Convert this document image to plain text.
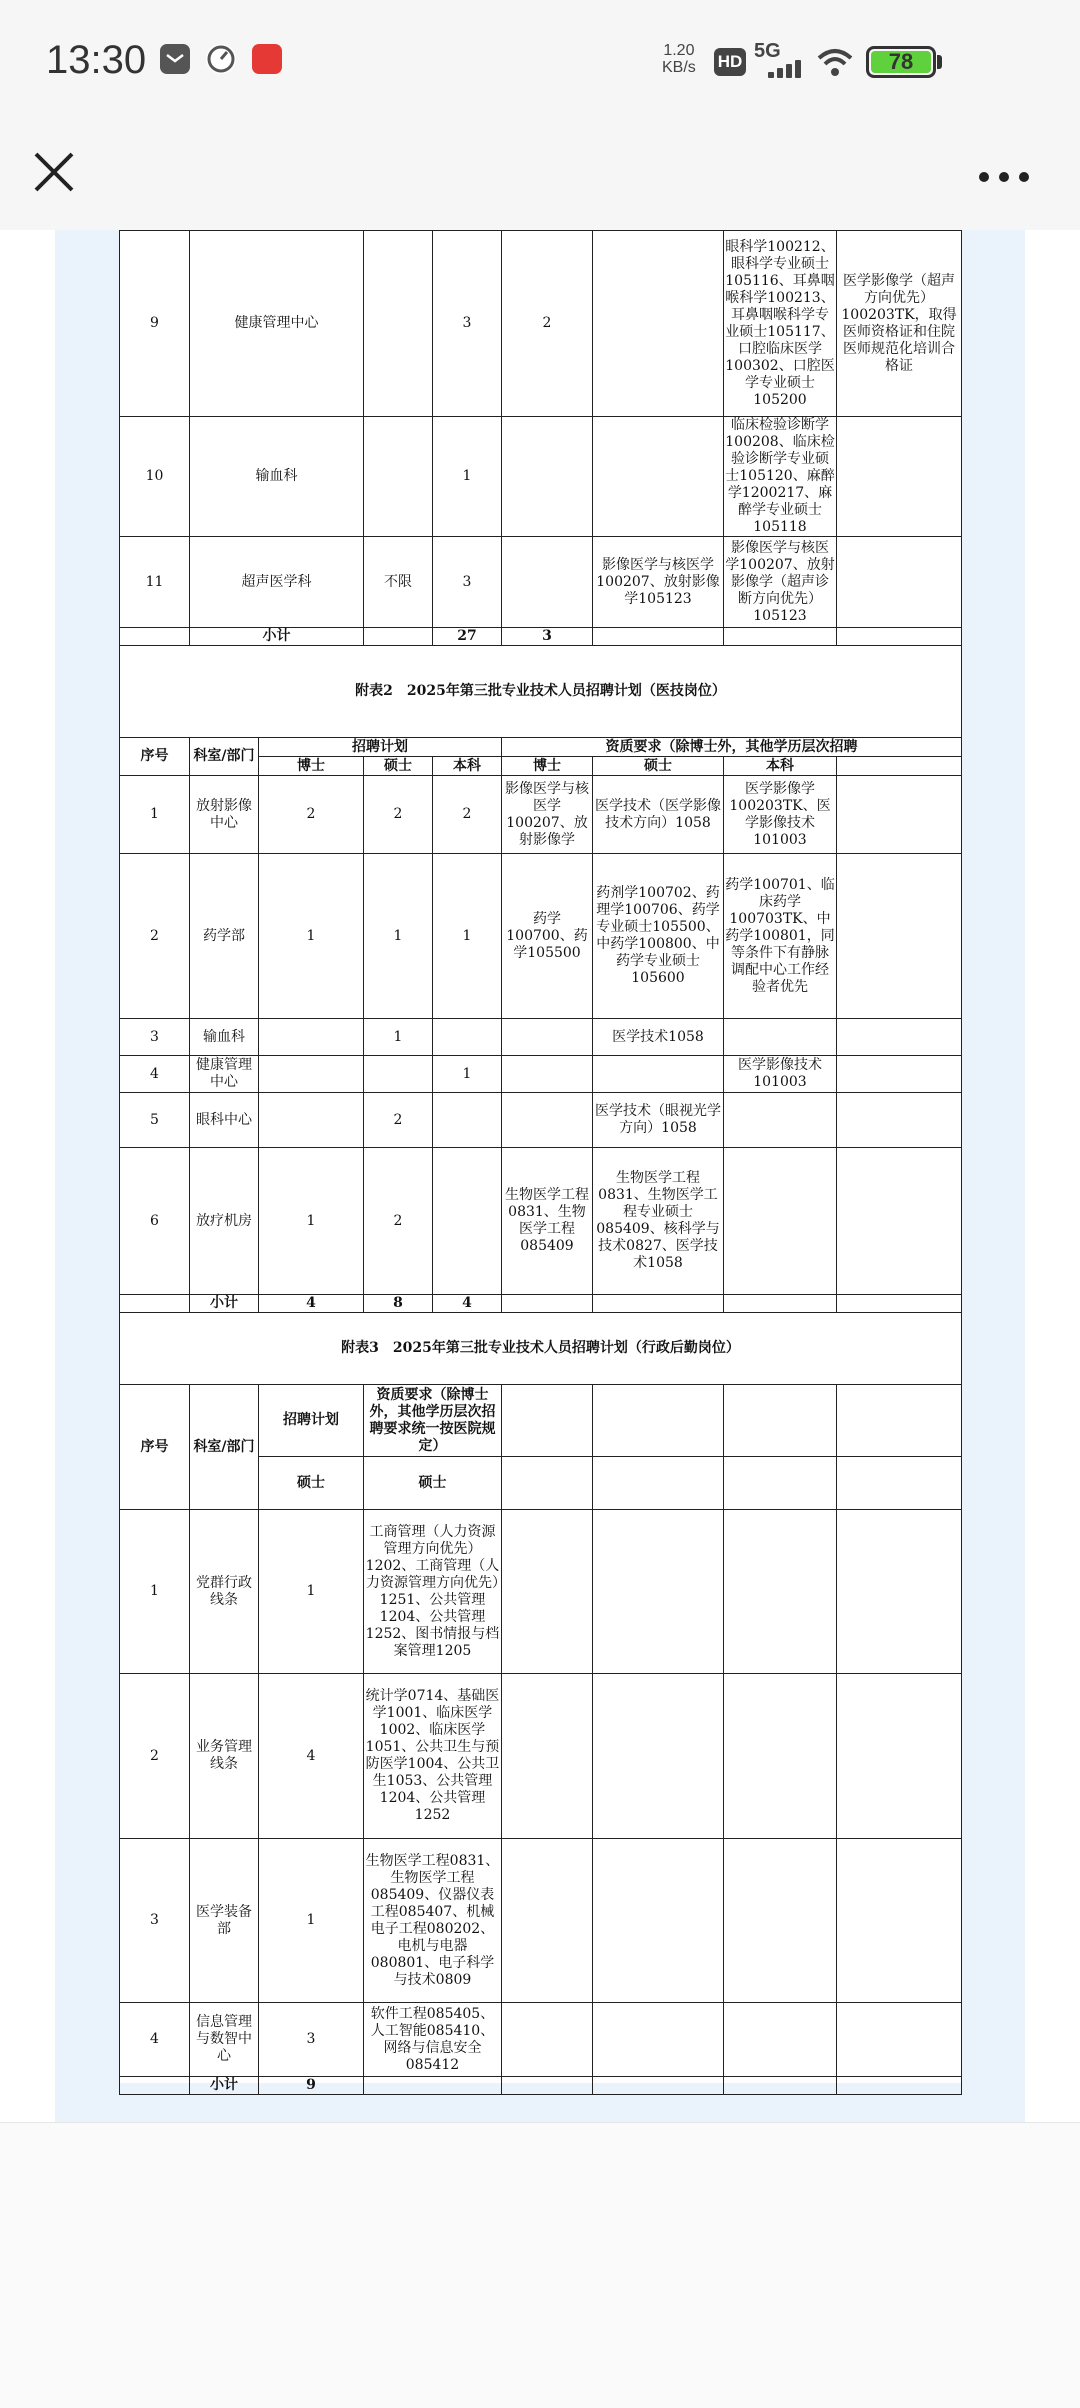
13:30	1.20
KB/s HD 5G	78
9	健康管理中心			3	2		眼科学100212、眼科学专业硕士105116、耳鼻咽喉科学100213、耳鼻咽喉科学专业硕士105117、口腔临床医学100302、口腔医学专业硕士105200	医学影像学（超声方向优先）100203TK，取得医师资格证和住院医师规范化培训合格证
10	输血科			1			临床检验诊断学100208、临床检验诊断学专业硕士105120、麻醉学1200217、麻醉学专业硕士105118	
11	超声医学科		不限	3		影像医学与核医学100207、放射影像学105123	影像医学与核医学100207、放射影像学（超声诊断方向优先）105123	
	小计			27	3			
附表2　2025年第三批专业技术人员招聘计划（医技岗位）								
序号	科室/部门	招聘计划			资质要求（除博士外，其他学历层次招聘			
		博士	硕士	本科	博士	硕士	本科	
1	放射影像中心	2	2	2	影像医学与核医学100207、放射影像学	医学技术（医学影像技术方向）1058	医学影像学100203TK、医学影像技术101003	
2	药学部	1	1	1	药学100700、药学105500	药剂学100702、药理学100706、药学专业硕士105500、中药学100800、中药学专业硕士105600	药学100701、临床药学100703TK、中药学100801，同等条件下有静脉调配中心工作经验者优先	
3	输血科		1			医学技术1058		
4	健康管理中心			1			医学影像技术101003	
5	眼科中心		2			医学技术（眼视光学方向）1058		
6	放疗机房	1	2		生物医学工程0831、生物医学工程085409	生物医学工程0831、生物医学工程专业硕士085409、核科学与技术0827、医学技术1058		
	小计	4	8	4				
附表3　2025年第三批专业技术人员招聘计划（行政后勤岗位）								
序号	科室/部门	招聘计划	资质要求（除博士外，其他学历层次招聘要求统一按医院规定）					
		硕士	硕士					
1	党群行政线条	1	工商管理（人力资源管理方向优先）1202、工商管理（人力资源管理方向优先）1251、公共管理1204、公共管理1252、图书情报与档案管理1205					
2	业务管理线条	4	统计学0714、基础医学1001、临床医学1002、临床医学1051、公共卫生与预防医学1004、公共卫生1053、公共管理1204、公共管理1252					
3	医学装备部	1	生物医学工程0831、生物医学工程085409、仪器仪表工程085407、机械电子工程080202、电机与电器080801、电子科学与技术0809					
4	信息管理与数智中心	3	软件工程085405、人工智能085410、网络与信息安全085412					
	小计	9						
